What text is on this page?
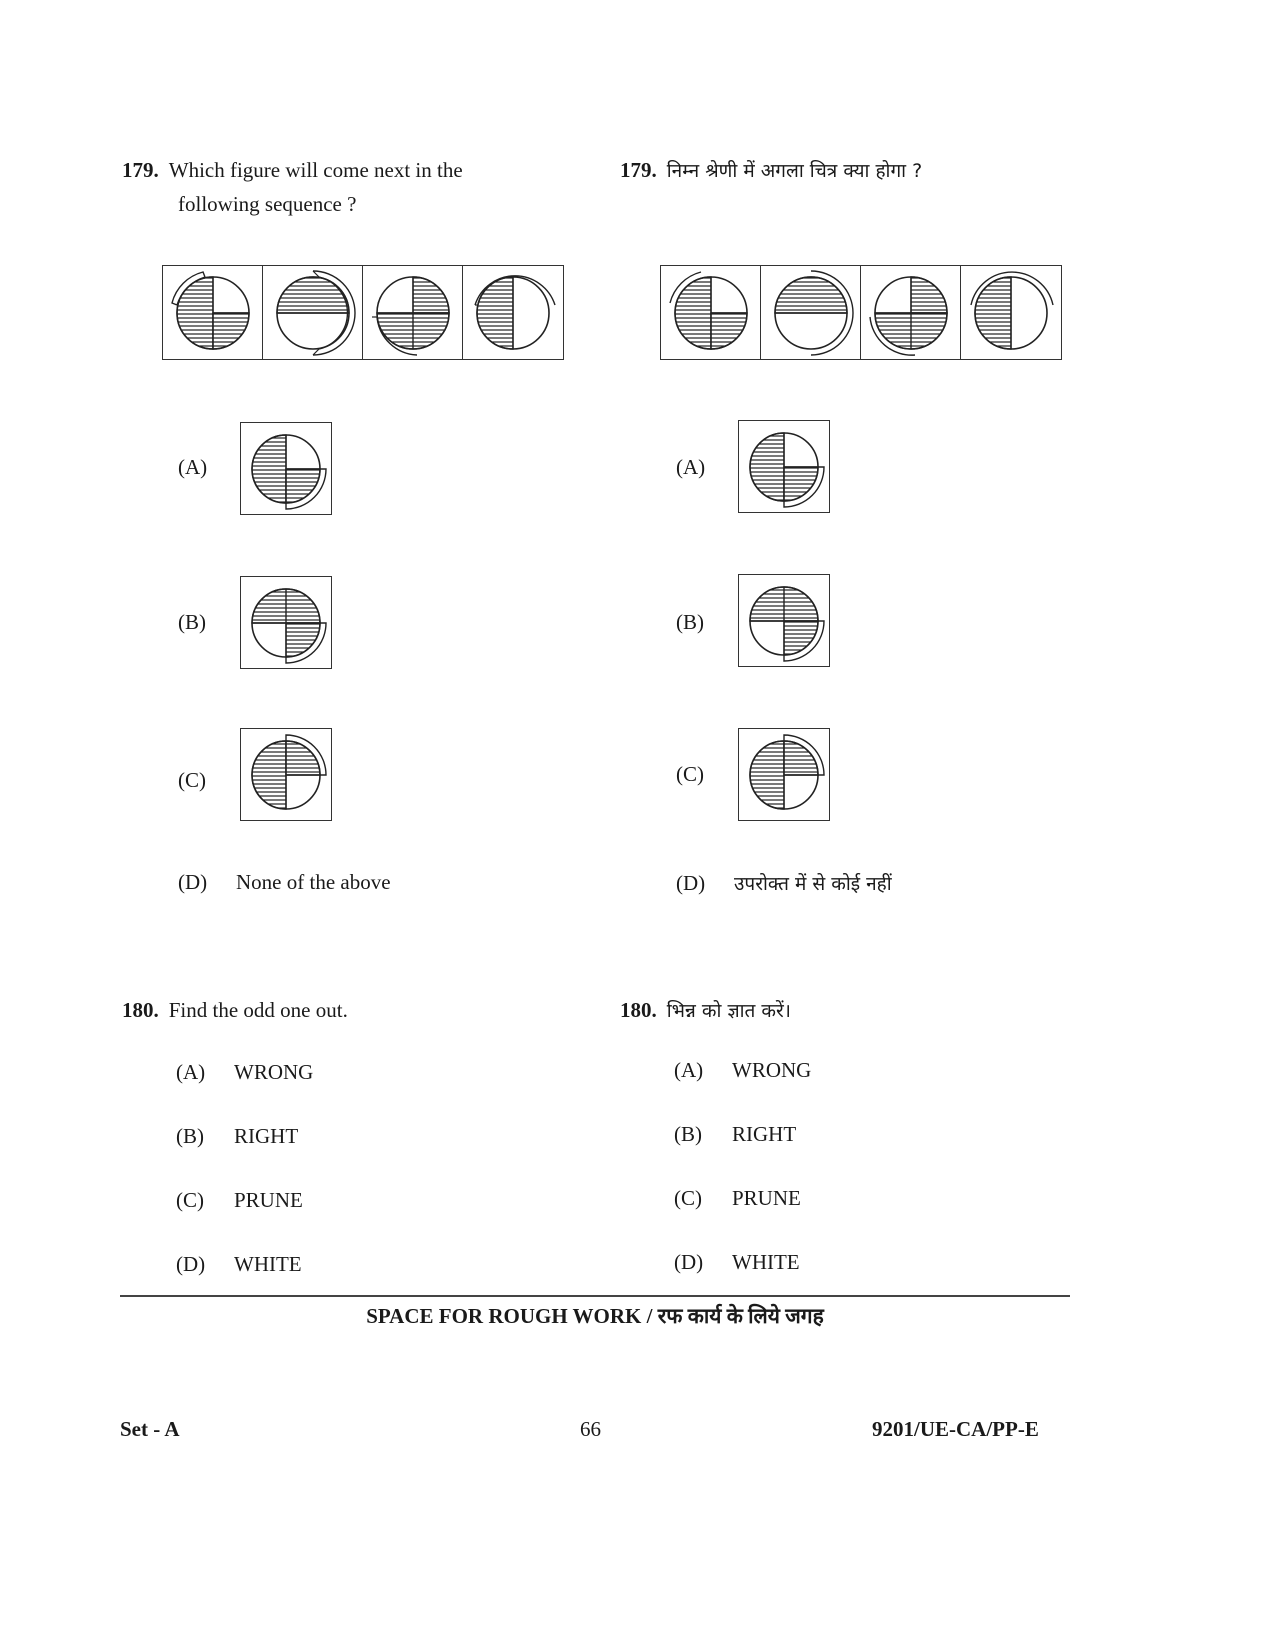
179. Which figure will come next in the
following sequence ?
179. निम्न श्रेणी में अगला चित्र क्या होगा ?
(A)	(A)
(B)	(B)
(C)	(C)
(D) None of the above	(D) उपरोक्त में से कोई नहीं
180. Find the odd one out.	180. भिन्न को ज्ञात करें।
(A) WRONG
(B) RIGHT
(C) PRUNE
(D) WHITE
(A) WRONG
(B) RIGHT
(C) PRUNE
(D) WHITE
SPACE FOR ROUGH WORK / रफ कार्य के लिये जगह
Set - A	66	9201/UE-CA/PP-E
